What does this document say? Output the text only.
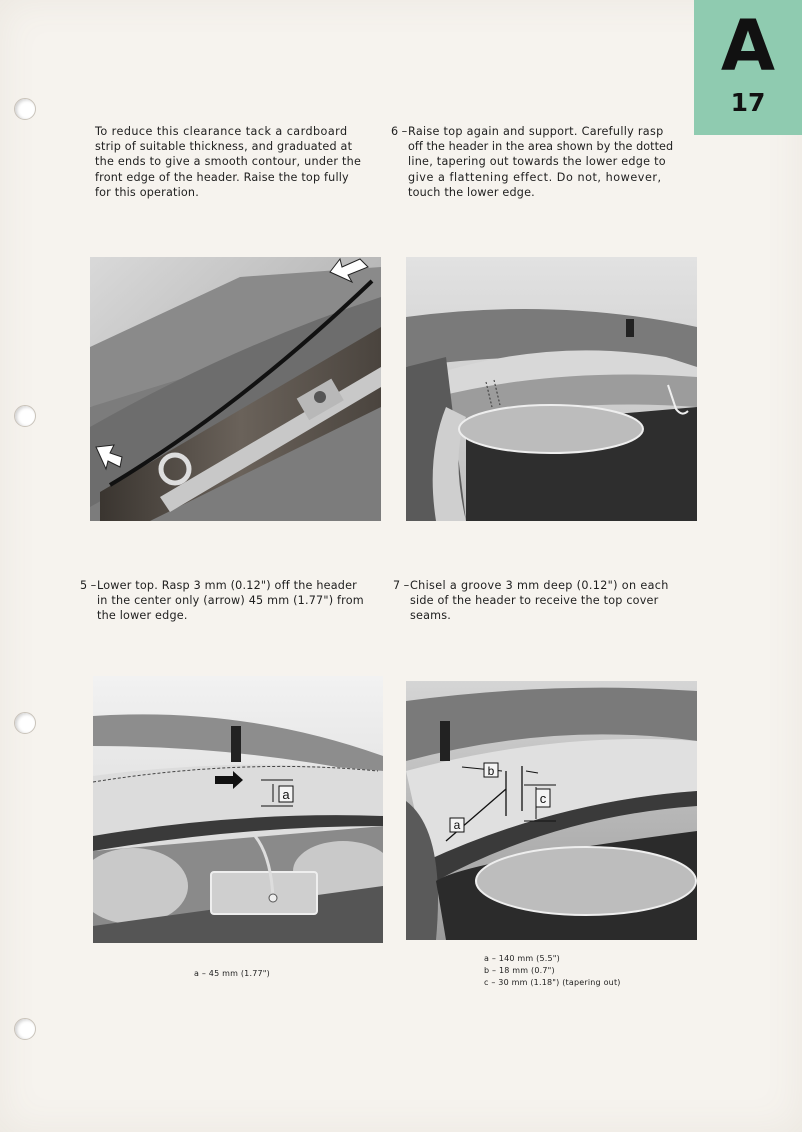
A
17
To reduce this clearance tack a cardboard
strip of suitable thickness, and graduated at
the ends to give a smooth contour, under the
front edge of the header. Raise the top fully
for this operation.
6 – Raise top again and support. Carefully rasp
off the header in the area shown by the dotted
line, tapering out towards the lower edge to
give a flattening effect. Do not, however,
touch the lower edge.
5 – Lower top. Rasp 3 mm (0.12") off the header
in the center only (arrow) 45 mm (1.77") from
the lower edge.
7 – Chisel a groove 3 mm deep (0.12") on each
side of the header to receive the top cover
seams.
a
b
c
a
a – 45 mm (1.77")
a – 140 mm (5.5")
b – 18 mm (0.7")
c – 30 mm (1.18") (tapering out)
